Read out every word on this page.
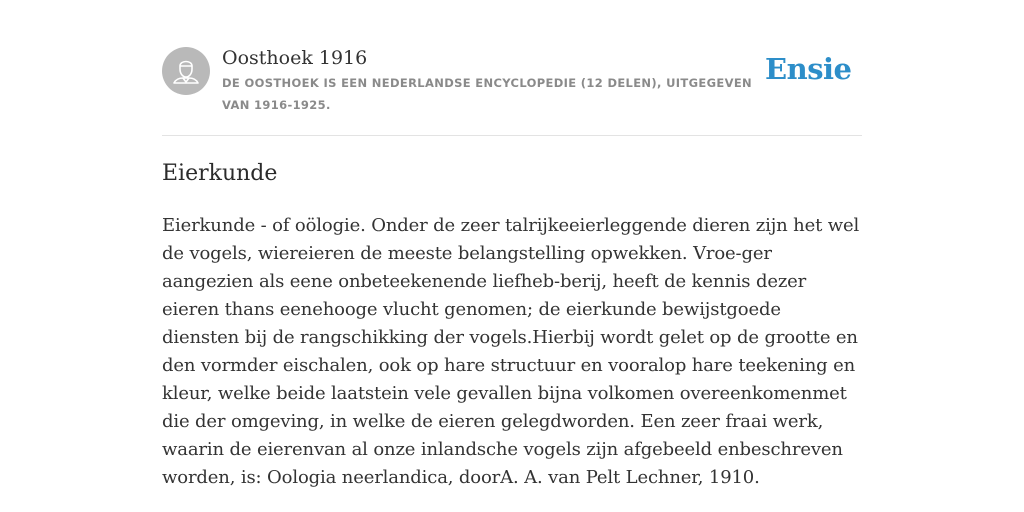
Oosthoek 1916
DE OOSTHOEK IS EEN NEDERLANDSE ENCYCLOPEDIE (12 DELEN), UITGEGEVEN VAN 1916-1925.
Ensie
Eierkunde

Eierkunde - of oölogie. Onder de zeer talrijkeeierleggende dieren zijn het wel de vogels, wiereieren de meeste belangstelling opwekken. Vroe-ger aangezien als eene onbeteekenende liefheb-berij, heeft de kennis dezer eieren thans eenehooge vlucht genomen; de eierkunde bewijstgoede diensten bij de rangschikking der vogels.Hierbij wordt gelet op de grootte en den vormder eischalen, ook op hare structuur en vooralop hare teekening en kleur, welke beide laatstein vele gevallen bijna volkomen overeenkomenmet die der omgeving, in welke de eieren gelegdworden. Een zeer fraai werk, waarin de eierenvan al onze inlandsche vogels zijn afgebeeld enbeschreven worden, is: Oologia neerlandica, doorA. A. van Pelt Lechner, 1910.
